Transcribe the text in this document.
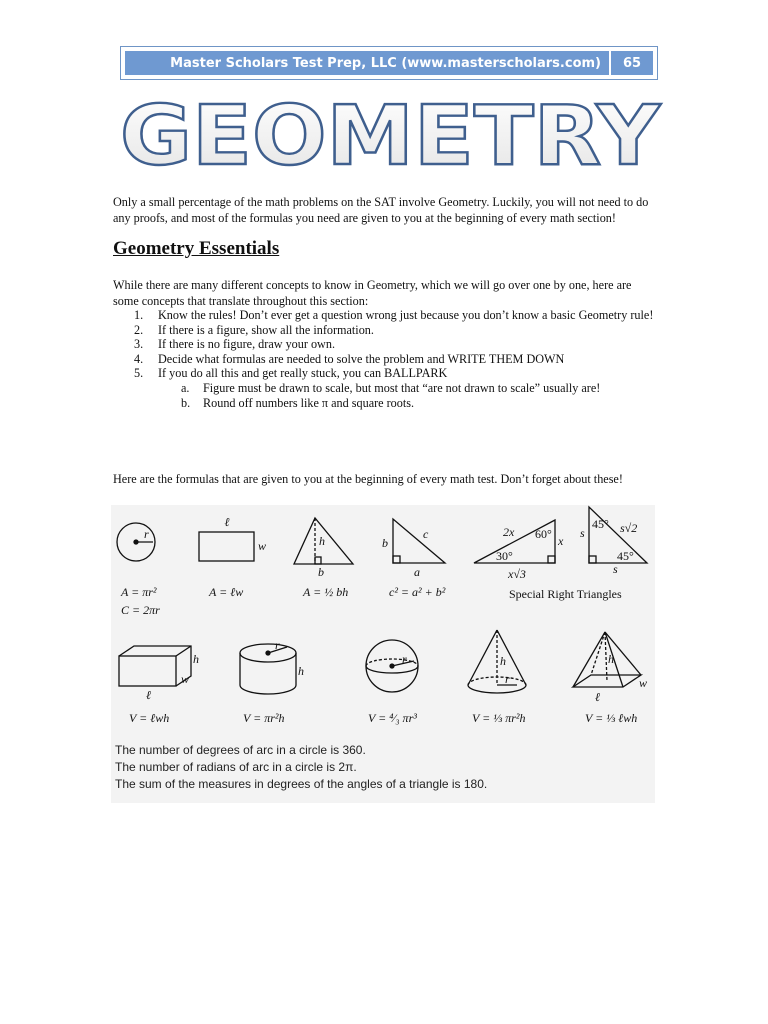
Master Scholars Test Prep, LLC (www.masterscholars.com)	65
GEOMETRY
Only a small percentage of the math problems on the SAT involve Geometry. Luckily, you will not need to do any proofs, and most of the formulas you need are given to you at the beginning of every math section!
Geometry Essentials
While there are many different concepts to know in Geometry, which we will go over one by one, here are some concepts that translate throughout this section:
1. Know the rules! Don’t ever get a question wrong just because you don’t know a basic Geometry rule!
2. If there is a figure, show all the information.
3. If there is no figure, draw your own.
4. Decide what formulas are needed to solve the problem and WRITE THEM DOWN
5. If you do all this and get really stuck, you can BALLPARK
a. Figure must be drawn to scale, but most that “are not drawn to scale” usually are!
b. Round off numbers like π and square roots.
Here are the formulas that are given to you at the beginning of every math test. Don’t forget about these!
r
A = πr²
C = 2πr
ℓ
w
A = ℓw
h
b
A = ½ bh
b
a
c
c² = a² + b²
2x 60°
30°
x
x√3
45°
45°
s	s√2
s
Special Right Triangles
h
w
ℓ
V = ℓwh
r
h
V = πr²h
r
V = ⁴⁄₃ πr³
h
r
V = ⅓ πr²h
h
ℓ
w
V = ⅓ ℓwh
The number of degrees of arc in a circle is 360.
The number of radians of arc in a circle is 2π.
The sum of the measures in degrees of the angles of a triangle is 180.
